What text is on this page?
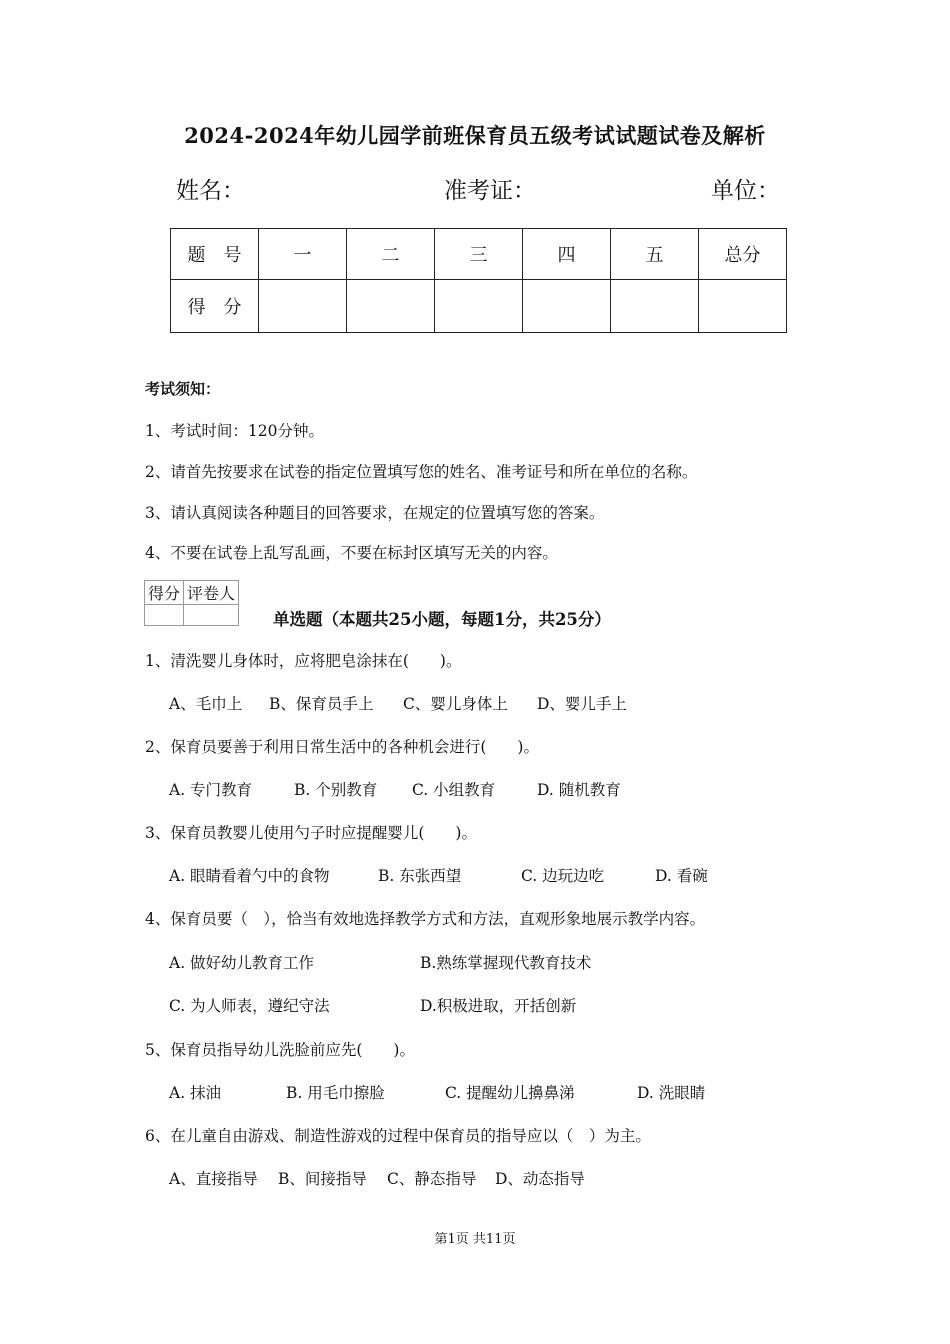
2024-2024年幼儿园学前班保育员五级考试试题试卷及解析
姓名：	准考证：	单位：
题　号	一	二	三	四	五	总分
得　分						
考试须知：
1、考试时间：120分钟。
2、请首先按要求在试卷的指定位置填写您的姓名、准考证号和所在单位的名称。
3、请认真阅读各种题目的回答要求，在规定的位置填写您的答案。
4、不要在试卷上乱写乱画，不要在标封区填写无关的内容。
得分	评卷人

单选题（本题共25小题，每题1分，共25分）
1、清洗婴儿身体时，应将肥皂涂抹在(　　)。
A、毛巾上 B、保育员手上 C、婴儿身体上 D、婴儿手上
2、保育员要善于利用日常生活中的各种机会进行(　　)。
A. 专门教育	B. 个别教育 C. 小组教育	D. 随机教育
3、保育员教婴儿使用勺子时应提醒婴儿(　　)。
A. 眼睛看着勺中的食物	B. 东张西望	C. 边玩边吃	D. 看碗
4、保育员要（　），恰当有效地选择教学方式和方法，直观形象地展示教学内容。
A. 做好幼儿教育工作	B.熟练掌握现代教育技术
C. 为人师表，遵纪守法	D.积极进取，开括创新
5、保育员指导幼儿洗脸前应先(　　)。
A. 抹油	B. 用毛巾擦脸	C. 提醒幼儿擤鼻涕	D. 洗眼睛
6、在儿童自由游戏、制造性游戏的过程中保育员的指导应以（　）为主。
A、直接指导 B、间接指导 C、静态指导 D、动态指导
第1页 共11页
